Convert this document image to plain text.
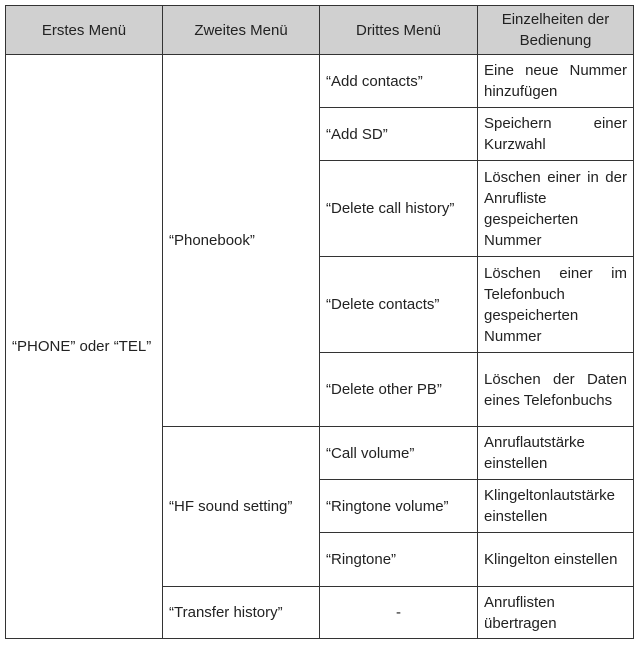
Erstes Menü	Zweites Menü	Drittes Menü	Einzelheiten der Bedienung
“PHONE” oder “TEL”	“Phonebook”	“Add contacts”	Eine neue Nummer hinzufügen
		“Add SD”	Speichern einer Kurzwahl
		“Delete call history”	Löschen einer in der Anrufliste gespeicherten Nummer
		“Delete contacts”	Löschen einer im Telefonbuch gespeicherten Nummer
		“Delete other PB”	Löschen der Daten eines Telefonbuchs
	“HF sound setting”	“Call volume”	Anruflautstärke einstellen
		“Ringtone volume”	Klingeltonlautstärke einstellen
		“Ringtone”	Klingelton einstellen
	“Transfer history”	-	Anruflisten übertragen
